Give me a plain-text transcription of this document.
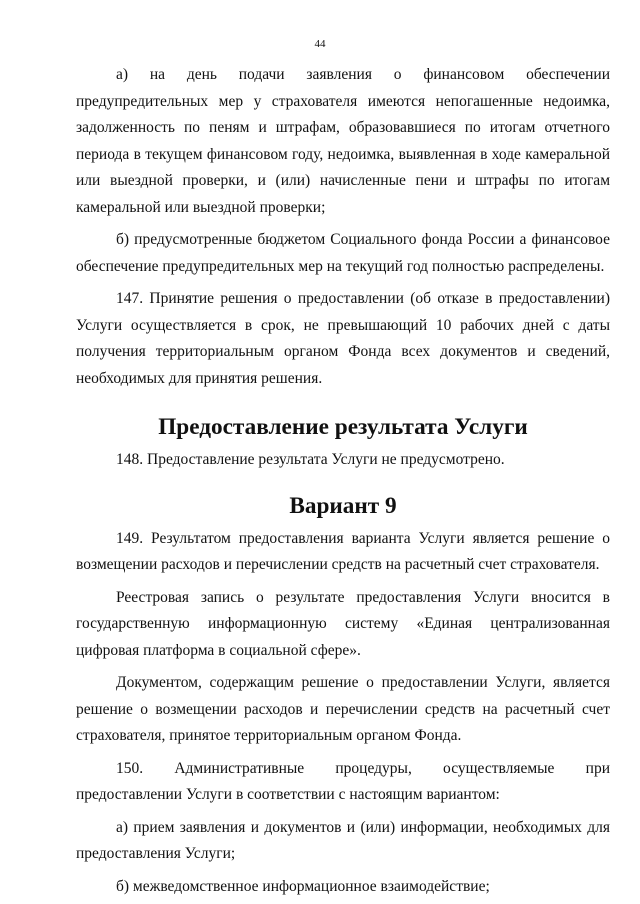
44

а) на день подачи заявления о финансовом обеспечении предупредительных мер у страхователя имеются непогашенные недоимка, задолженность по пеням и штрафам, образовавшиеся по итогам отчетного периода в текущем финансовом году, недоимка, выявленная в ходе камеральной или выездной проверки, и (или) начисленные пени и штрафы по итогам камеральной или выездной проверки;

б) предусмотренные бюджетом Социального фонда России а финансовое обеспечение предупредительных мер на текущий год полностью распределены.

147. Принятие решения о предоставлении (об отказе в предоставлении) Услуги осуществляется в срок, не превышающий 10 рабочих дней с даты получения территориальным органом Фонда всех документов и сведений, необходимых для принятия решения.

Предоставление результата Услуги

148. Предоставление результата Услуги не предусмотрено.

Вариант 9

149. Результатом предоставления варианта Услуги является решение о возмещении расходов и перечислении средств на расчетный счет страхователя.

Реестровая запись о результате предоставления Услуги вносится в государственную информационную систему «Единая централизованная цифровая платформа в социальной сфере».

Документом, содержащим решение о предоставлении Услуги, является решение о возмещении расходов и перечислении средств на расчетный счет страхователя, принятое территориальным органом Фонда.

150. Административные процедуры, осуществляемые при предоставлении Услуги в соответствии с настоящим вариантом:

а) прием заявления и документов и (или) информации, необходимых для предоставления Услуги;

б) межведомственное информационное взаимодействие;
